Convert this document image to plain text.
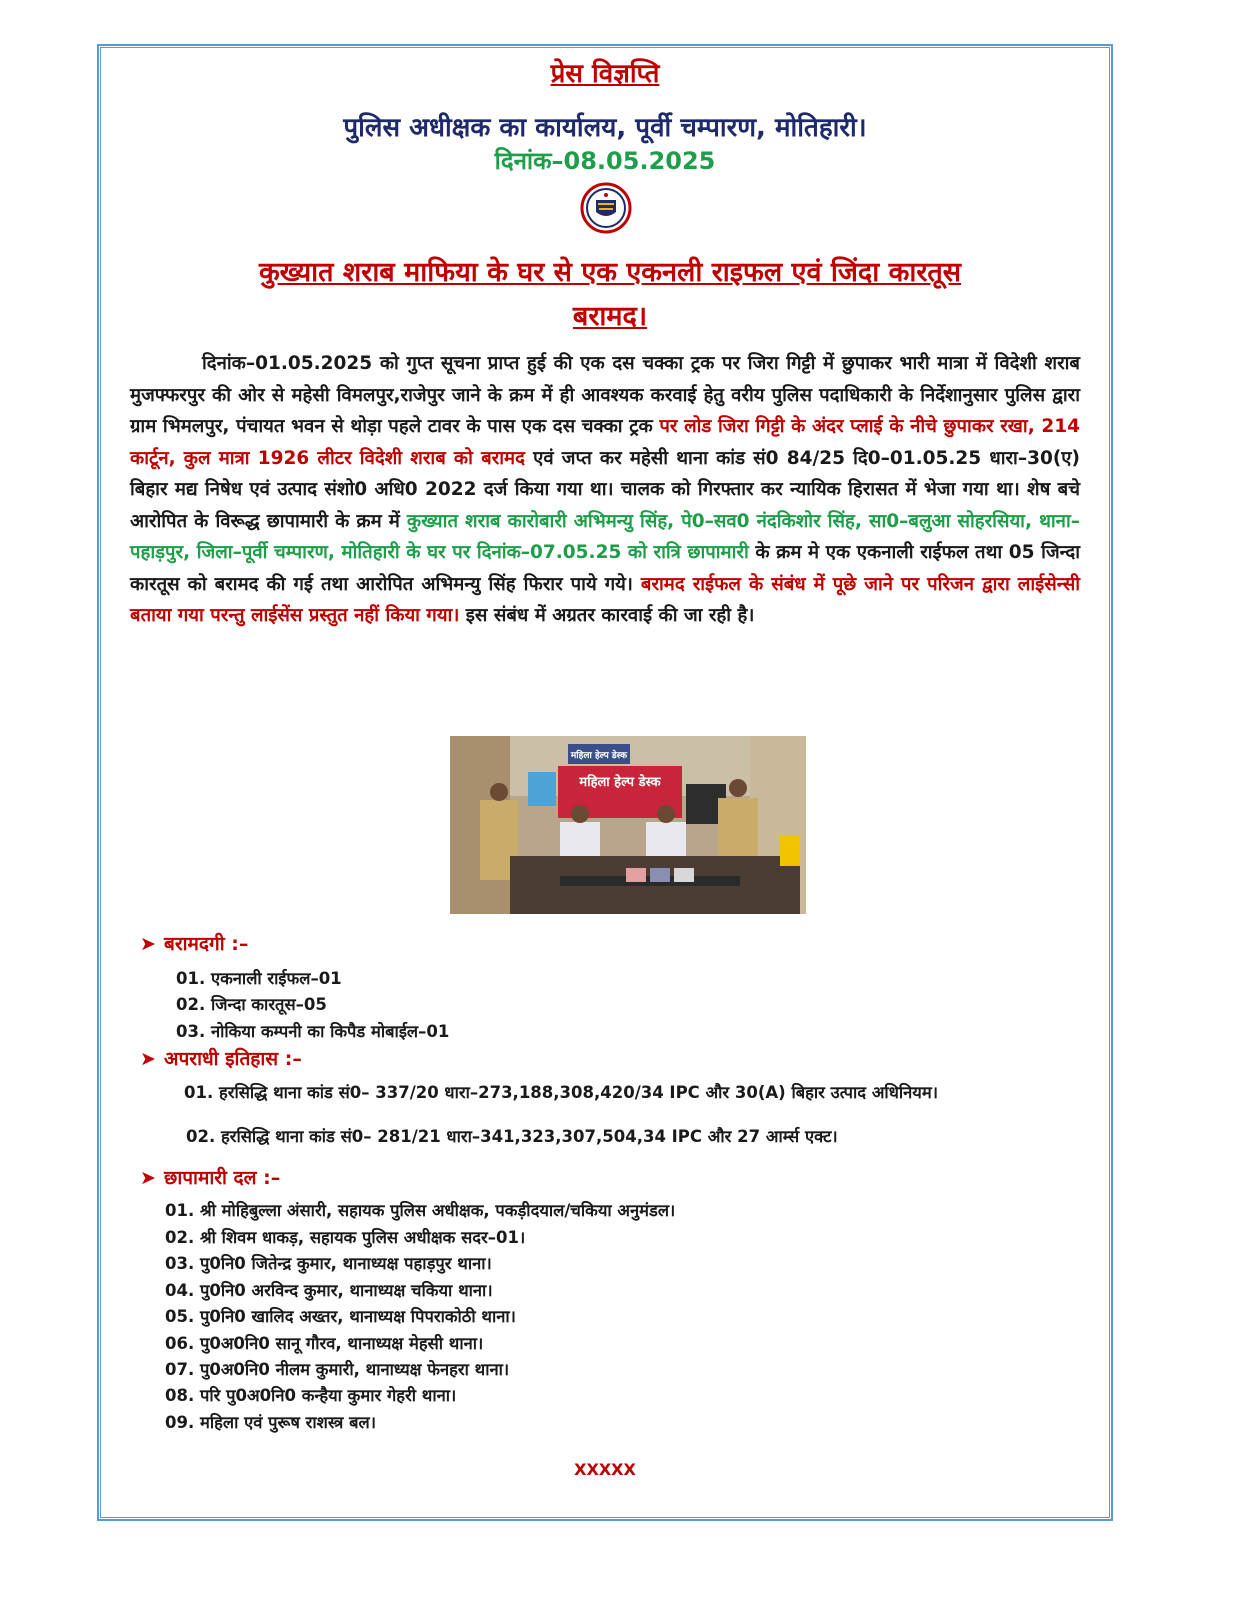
प्रेस विज्ञप्ति
पुलिस अधीक्षक का कार्यालय, पूर्वी चम्पारण, मोतिहारी।
दिनांक–08.05.2025
कुख्यात शराब माफिया के घर से एक एकनली राइफल एवं जिंदा कारतूस
बरामद।
दिनांक–01.05.2025 को गुप्त सूचना प्राप्त हुई की एक दस चक्का ट्रक पर जिरा गिट्टी में छुपाकर भारी मात्रा में विदेशी शराब मुजफ्फरपुर की ओर से महेसी विमलपुर,राजेपुर जाने के क्रम में ही आवश्यक करवाई हेतु वरीय पुलिस पदाधिकारी के निर्देशानुसार पुलिस द्वारा ग्राम भिमलपुर, पंचायत भवन से थोड़ा पहले टावर के पास एक दस चक्का ट्रक पर लोड जिरा गिट्टी के अंदर प्लाई के नीचे छुपाकर रखा, 214 कार्टून, कुल मात्रा 1926 लीटर विदेशी शराब को बरामद एवं जप्त कर महेसी थाना कांड सं0 84/25 दि0–01.05.25 धारा–30(ए) बिहार मद्य निषेध एवं उत्पाद संशो0 अधि0 2022 दर्ज किया गया था। चालक को गिरफ्तार कर न्यायिक हिरासत में भेजा गया था। शेष बचे आरोपित के विरूद्ध छापामारी के क्रम में कुख्यात शराब कारोबारी अभिमन्यु सिंह, पे0–सव0 नंदकिशोर सिंह, सा0–बलुआ सोहरसिया, थाना–पहाड़पुर, जिला–पूर्वी चम्पारण, मोतिहारी के घर पर दिनांक–07.05.25 को रात्रि छापामारी के क्रम मे एक एकनाली राईफल तथा 05 जिन्दा कारतूस को बरामद की गई तथा आरोपित अभिमन्यु सिंह फिरार पाये गये। बरामद राईफल के संबंध में पूछे जाने पर परिजन द्वारा लाईसेन्सी बताया गया परन्तु लाईसेंस प्रस्तुत नहीं किया गया। इस संबंध में अग्रतर कारवाई की जा रही है।
महिला हेल्प डेस्क
महिला हेल्प डेस्क
➤ बरामदगी :–
01. एकनाली राईफल–01
02. जिन्दा कारतूस–05
03. नोकिया कम्पनी का किपैड मोबाईल–01
➤ अपराधी इतिहास :–
01. हरसिद्धि थाना कांड सं0– 337/20 धारा–273,188,308,420/34 IPC और 30(A) बिहार उत्पाद अधिनियम।
02. हरसिद्धि थाना कांड सं0– 281/21 धारा–341,323,307,504,34 IPC और 27 आर्म्स एक्ट।
➤ छापामारी दल :–
01. श्री मोहिबुल्ला अंसारी, सहायक पुलिस अधीक्षक, पकड़ीदयाल/चकिया अनुमंडल।
02. श्री शिवम धाकड़, सहायक पुलिस अधीक्षक सदर–01।
03. पु0नि0 जितेन्द्र कुमार, थानाध्यक्ष पहाड़पुर थाना।
04. पु0नि0 अरविन्द कुमार, थानाध्यक्ष चकिया थाना।
05. पु0नि0 खालिद अख्तर, थानाध्यक्ष पिपराकोठी थाना।
06. पु0अ0नि0 सानू गौरव, थानाध्यक्ष मेहसी थाना।
07. पु0अ0नि0 नीलम कुमारी, थानाध्यक्ष फेनहरा थाना।
08. परि पु0अ0नि0 कन्हैया कुमार गेहरी थाना।
09. महिला एवं पुरूष राशस्त्र बल।
XXXXX
